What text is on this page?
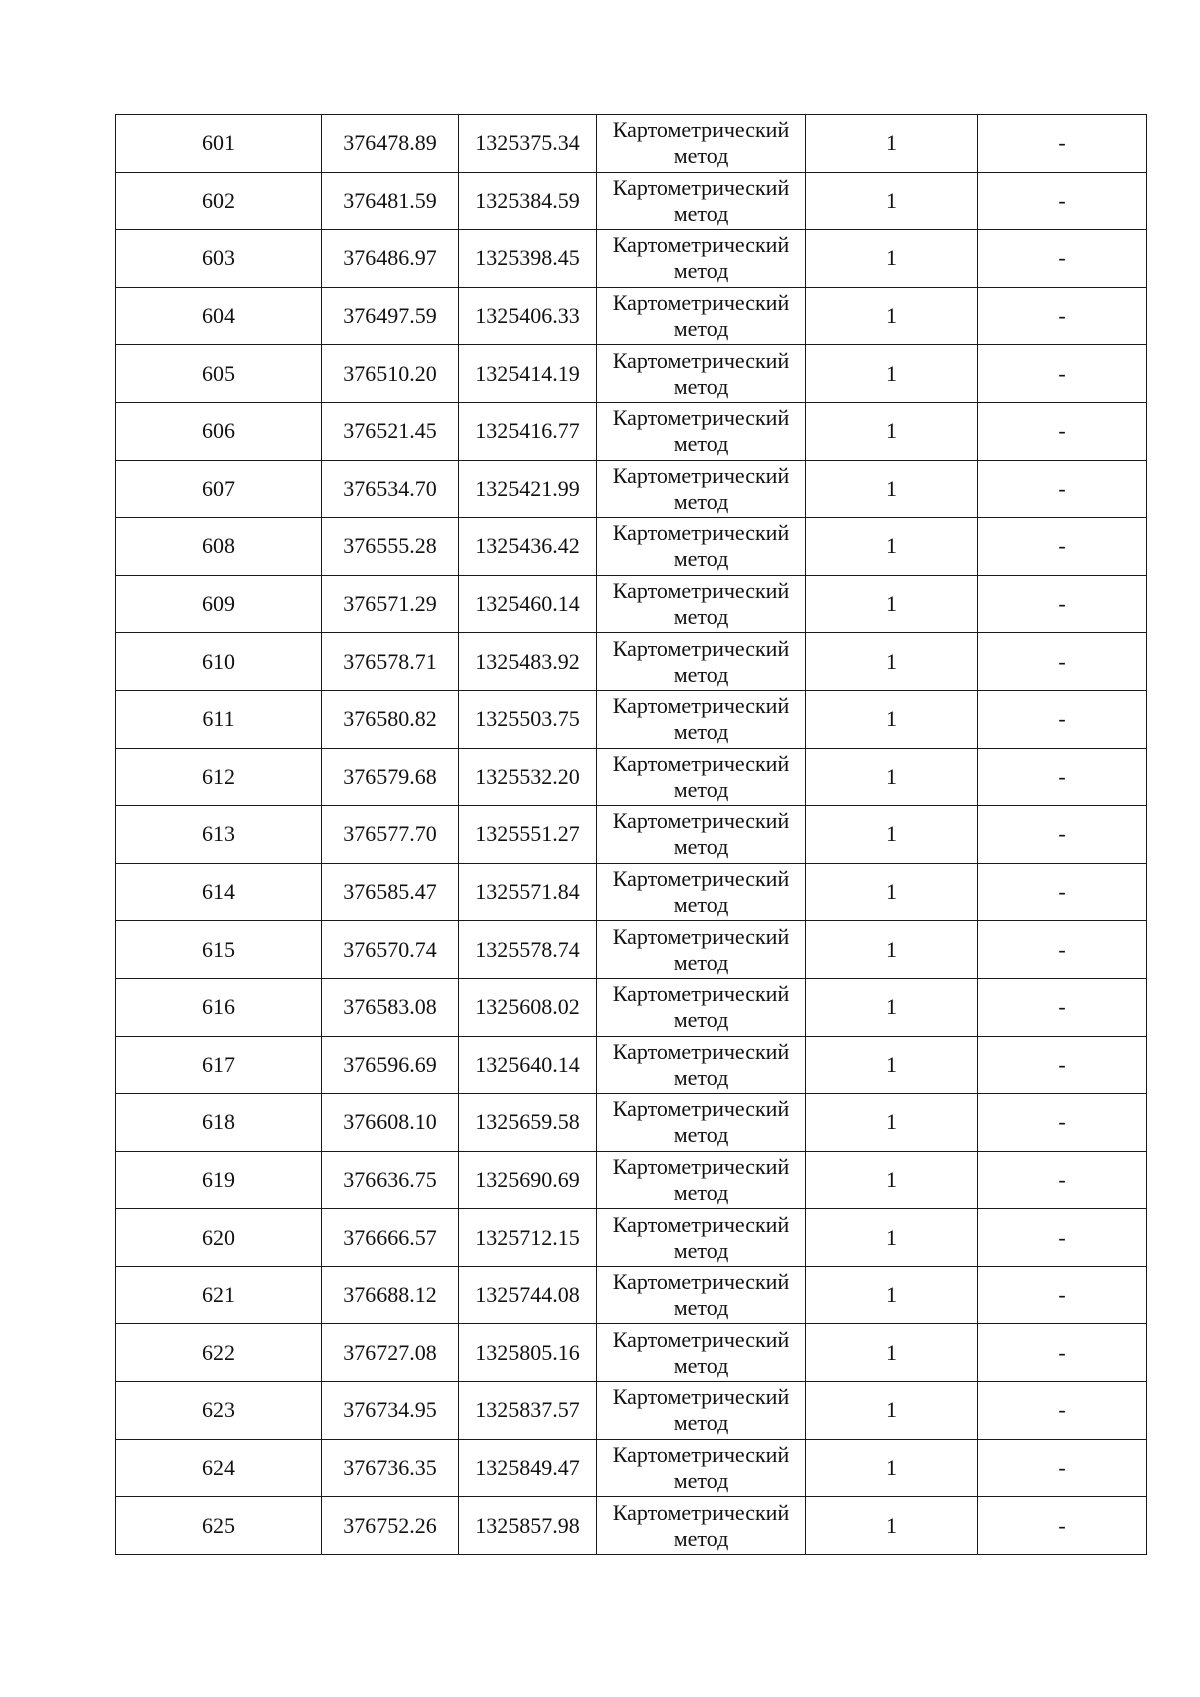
601	376478.89	1325375.34	Картометрический метод	1	-
602	376481.59	1325384.59	Картометрический метод	1	-
603	376486.97	1325398.45	Картометрический метод	1	-
604	376497.59	1325406.33	Картометрический метод	1	-
605	376510.20	1325414.19	Картометрический метод	1	-
606	376521.45	1325416.77	Картометрический метод	1	-
607	376534.70	1325421.99	Картометрический метод	1	-
608	376555.28	1325436.42	Картометрический метод	1	-
609	376571.29	1325460.14	Картометрический метод	1	-
610	376578.71	1325483.92	Картометрический метод	1	-
611	376580.82	1325503.75	Картометрический метод	1	-
612	376579.68	1325532.20	Картометрический метод	1	-
613	376577.70	1325551.27	Картометрический метод	1	-
614	376585.47	1325571.84	Картометрический метод	1	-
615	376570.74	1325578.74	Картометрический метод	1	-
616	376583.08	1325608.02	Картометрический метод	1	-
617	376596.69	1325640.14	Картометрический метод	1	-
618	376608.10	1325659.58	Картометрический метод	1	-
619	376636.75	1325690.69	Картометрический метод	1	-
620	376666.57	1325712.15	Картометрический метод	1	-
621	376688.12	1325744.08	Картометрический метод	1	-
622	376727.08	1325805.16	Картометрический метод	1	-
623	376734.95	1325837.57	Картометрический метод	1	-
624	376736.35	1325849.47	Картометрический метод	1	-
625	376752.26	1325857.98	Картометрический метод	1	-
